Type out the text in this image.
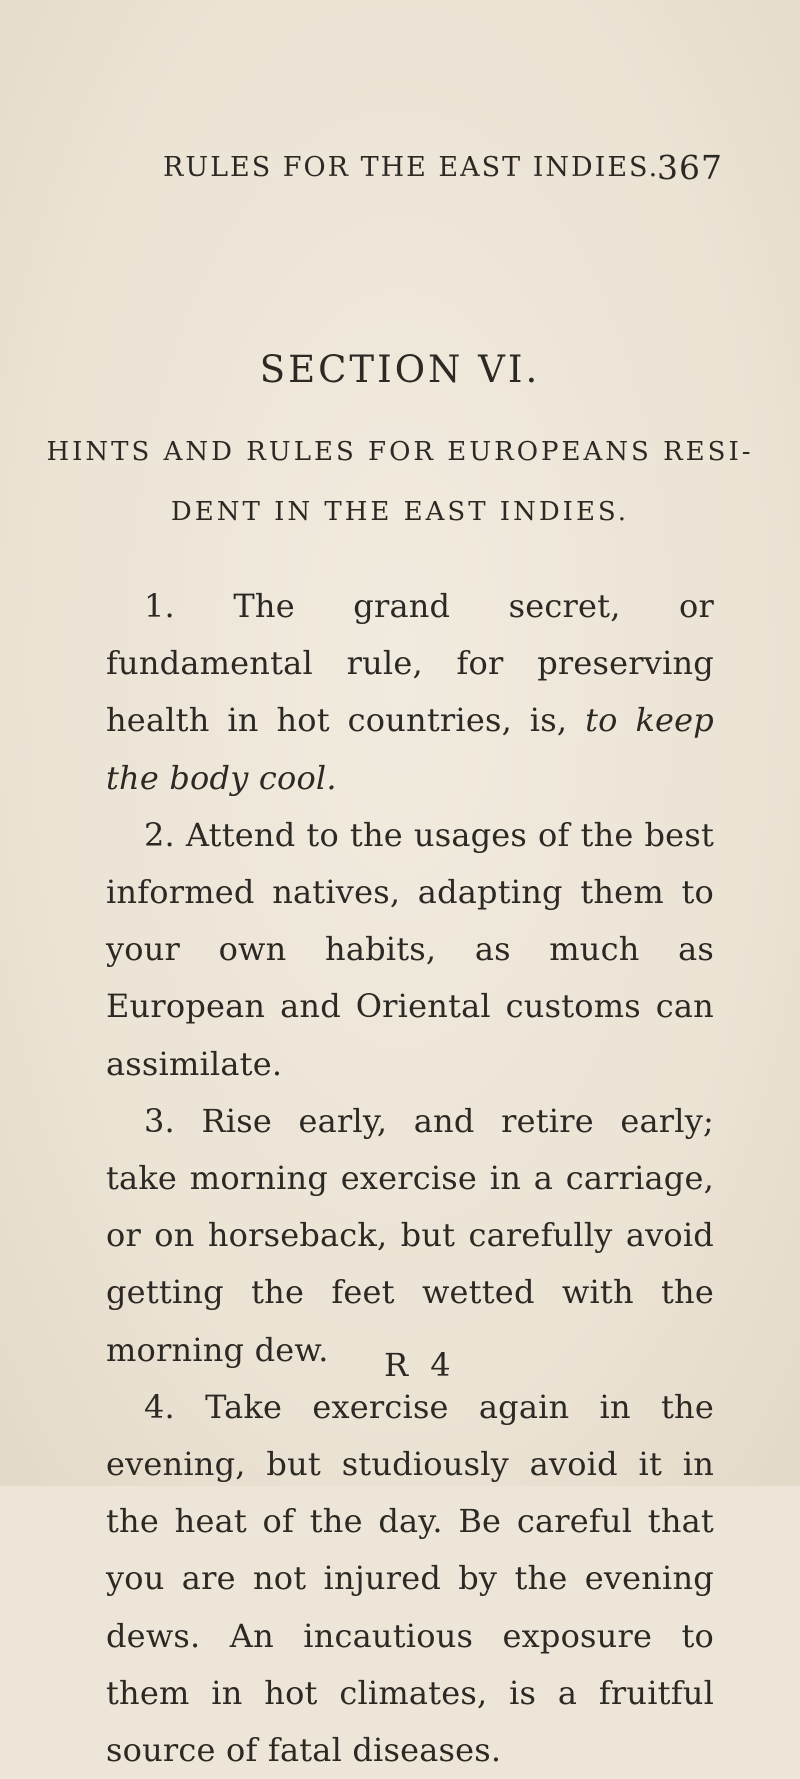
RULES FOR THE EAST INDIES.
367
SECTION VI.
HINTS AND RULES FOR EUROPEANS RESI-
DENT IN THE EAST INDIES.

1. The grand secret, or fundamental rule, for preserving health in hot countries, is, to keep the body cool.

2. Attend to the usages of the best informed natives, adapting them to your own habits, as much as European and Oriental customs can assimilate.

3. Rise early, and retire early; take morning exercise in a carriage, or on horseback, but carefully avoid getting the feet wetted with the morning dew.

4. Take exercise again in the evening, but studiously avoid it in the heat of the day. Be careful that you are not injured by the evening dews. An incautious exposure to them in hot climates, is a fruitful source of fatal diseases.

R 4
